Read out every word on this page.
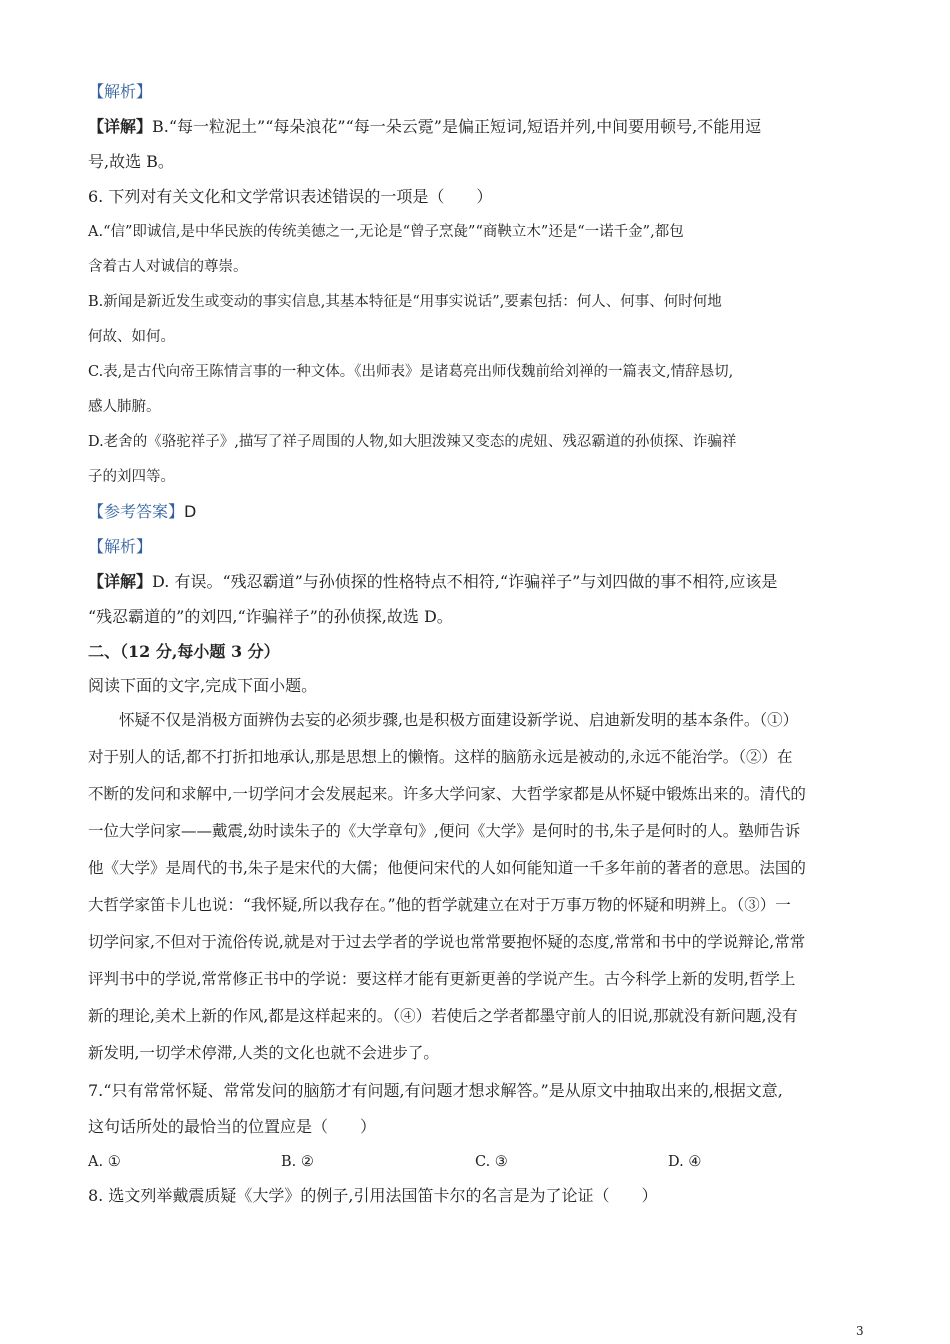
【解析】
【详解】B.“每一粒泥土”“每朵浪花”“每一朵云霓”是偏正短词,短语并列,中间要用顿号,不能用逗
号,故选 B。
6. 下列对有关文化和文学常识表述错误的一项是（　　）
A.“信”即诚信,是中华民族的传统美德之一,无论是“曾子烹彘”“商鞅立木”还是“一诺千金”,都包
含着古人对诚信的尊崇。
B.新闻是新近发生或变动的事实信息,其基本特征是“用事实说话”,要素包括：何人、何事、何时何地
何故、如何。
C.表,是古代向帝王陈情言事的一种文体。《出师表》是诸葛亮出师伐魏前给刘禅的一篇表文,情辞恳切,
感人肺腑。
D.老舍的《骆驼祥子》,描写了祥子周围的人物,如大胆泼辣又变态的虎妞、残忍霸道的孙侦探、诈骗祥
子的刘四等。
【参考答案】D
【解析】
【详解】D. 有误。“残忍霸道”与孙侦探的性格特点不相符,“诈骗祥子”与刘四做的事不相符,应该是
“残忍霸道的”的刘四,“诈骗祥子”的孙侦探,故选 D。
二、（12 分,每小题 3 分）
阅读下面的文字,完成下面小题。
　　怀疑不仅是消极方面辨伪去妄的必须步骤,也是积极方面建设新学说、启迪新发明的基本条件。（①）
对于别人的话,都不打折扣地承认,那是思想上的懒惰。这样的脑筋永远是被动的,永远不能治学。（②）在
不断的发问和求解中,一切学问才会发展起来。许多大学问家、大哲学家都是从怀疑中锻炼出来的。清代的
一位大学问家——戴震,幼时读朱子的《大学章句》,便问《大学》是何时的书,朱子是何时的人。塾师告诉
他《大学》是周代的书,朱子是宋代的大儒；他便问宋代的人如何能知道一千多年前的著者的意思。法国的
大哲学家笛卡儿也说：“我怀疑,所以我存在。”他的哲学就建立在对于万事万物的怀疑和明辨上。（③）一
切学问家,不但对于流俗传说,就是对于过去学者的学说也常常要抱怀疑的态度,常常和书中的学说辩论,常常
评判书中的学说,常常修正书中的学说：要这样才能有更新更善的学说产生。古今科学上新的发明,哲学上
新的理论,美术上新的作风,都是这样起来的。（④）若使后之学者都墨守前人的旧说,那就没有新问题,没有
新发明,一切学术停滞,人类的文化也就不会进步了。
7.“只有常常怀疑、常常发问的脑筋才有问题,有问题才想求解答。”是从原文中抽取出来的,根据文意,
这句话所处的最恰当的位置应是（　　）
A. ①	B. ②	C. ③	D. ④
8. 选文列举戴震质疑《大学》的例子,引用法国笛卡尔的名言是为了论证（　　）
3
